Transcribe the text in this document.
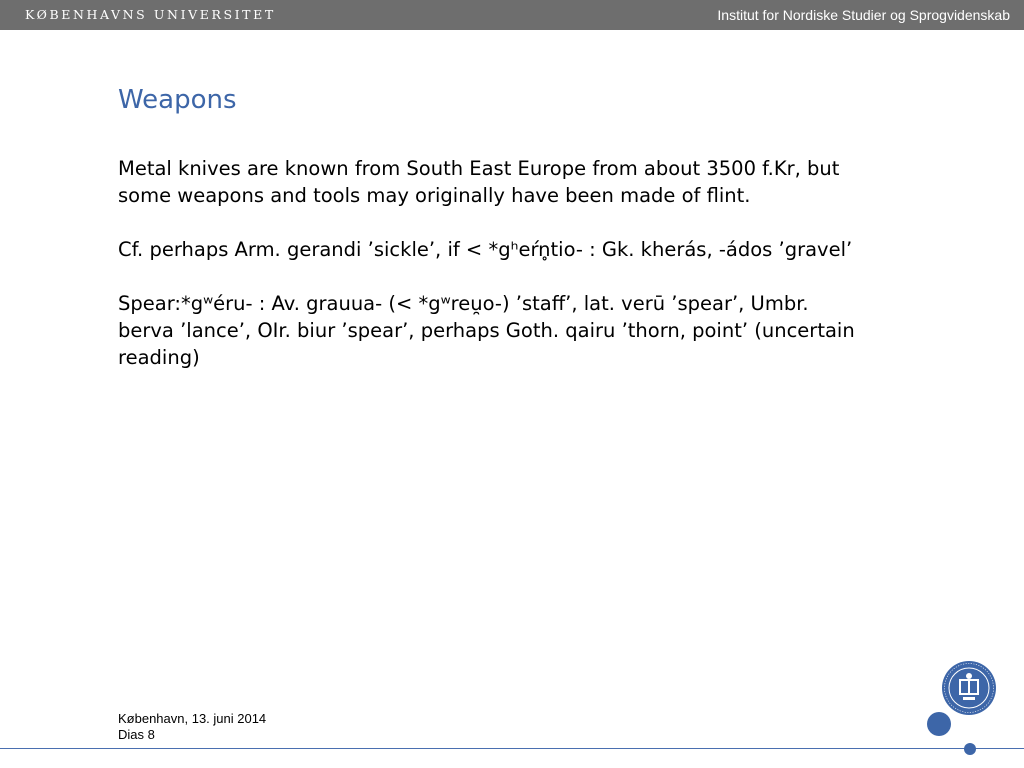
KØBENHAVNS UNIVERSITET	Institut for Nordiske Studier og Sprogvidenskab
Weapons

Metal knives are known from South East Europe from about 3500 f.Kr, but some weapons and tools may originally have been made of flint.

Cf. perhaps Arm. gerandi ’sickle’, if < *gʰeŕn̥tio- : Gk. kherás, -ádos ’gravel’

Spear:*gʷéru- : Av. grauua- (< *gʷreu̯o-) ’staff’, lat. verū ’spear’, Umbr. berva ’lance’, OIr. biur ’spear’, perhaps Goth. qairu ’thorn, point’ (uncertain reading)

København, 13. juni 2014
Dias 8
